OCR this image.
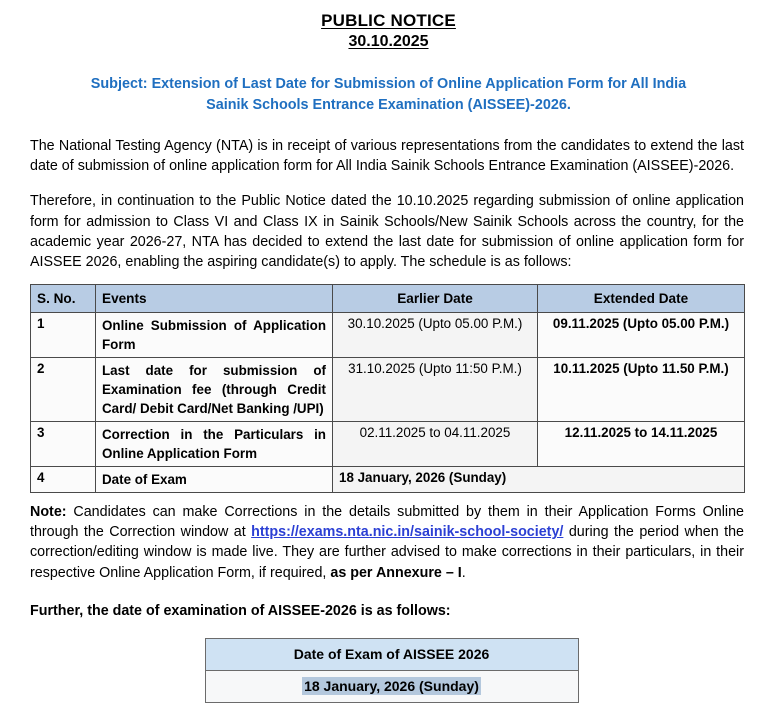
PUBLIC NOTICE
30.10.2025
Subject: Extension of Last Date for Submission of Online Application Form for All India
Sainik Schools Entrance Examination (AISSEE)-2026.

The National Testing Agency (NTA) is in receipt of various representations from the candidates to extend the last date of submission of online application form for All India Sainik Schools Entrance Examination (AISSEE)-2026.

Therefore, in continuation to the Public Notice dated the 10.10.2025 regarding submission of online application form for admission to Class VI and Class IX in Sainik Schools/New Sainik Schools across the country, for the academic year 2026-27, NTA has decided to extend the last date for submission of online application form for AISSEE 2026, enabling the aspiring candidate(s) to apply. The schedule is as follows:

S. No.	Events	Earlier Date	Extended Date
1	Online Submission of Application Form	30.10.2025 (Upto 05.00 P.M.)	09.11.2025 (Upto 05.00 P.M.)
2	Last date for submission of Examination fee (through Credit Card/ Debit Card/Net Banking /UPI)	31.10.2025 (Upto 11:50 P.M.)	10.11.2025 (Upto 11.50 P.M.)
3	Correction in the Particulars in Online Application Form	02.11.2025 to 04.11.2025	12.11.2025 to 14.11.2025
4	Date of Exam	18 January, 2026 (Sunday)	

Note: Candidates can make Corrections in the details submitted by them in their Application Forms Online through the Correction window at https://exams.nta.nic.in/sainik-school-society/ during the period when the correction/editing window is made live. They are further advised to make corrections in their particulars, in their respective Online Application Form, if required, as per Annexure – I.

Further, the date of examination of AISSEE-2026 is as follows:

Date of Exam of AISSEE 2026
18 January, 2026 (Sunday)
